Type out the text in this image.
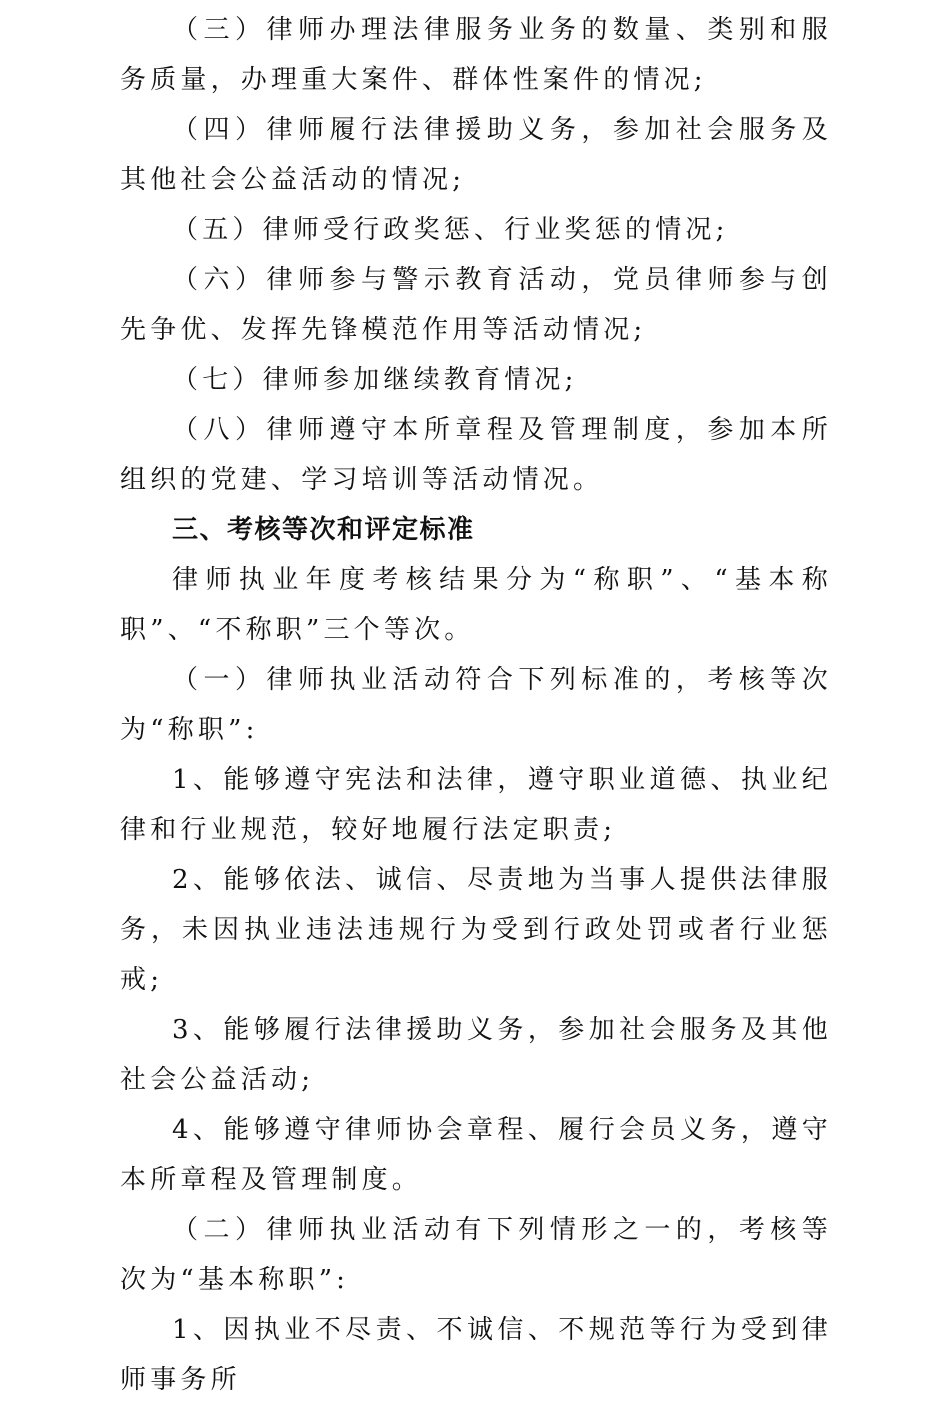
（三）律师办理法律服务业务的数量、类别和服务质量，办理重大案件、群体性案件的情况;

（四）律师履行法律援助义务，参加社会服务及其他社会公益活动的情况;

（五）律师受行政奖惩、行业奖惩的情况;

（六）律师参与警示教育活动，党员律师参与创先争优、发挥先锋模范作用等活动情况;

（七）律师参加继续教育情况;

（八）律师遵守本所章程及管理制度，参加本所组织的党建、学习培训等活动情况。

三、考核等次和评定标准

律师执业年度考核结果分为“称职”、“基本称职”、“不称职”三个等次。

（一）律师执业活动符合下列标准的，考核等次为“称职”:

1、能够遵守宪法和法律，遵守职业道德、执业纪律和行业规范，较好地履行法定职责;

2、能够依法、诚信、尽责地为当事人提供法律服务，未因执业违法违规行为受到行政处罚或者行业惩戒;

3、能够履行法律援助义务，参加社会服务及其他社会公益活动;

4、能够遵守律师协会章程、履行会员义务，遵守本所章程及管理制度。

（二）律师执业活动有下列情形之一的，考核等次为“基本称职”:

1、因执业不尽责、不诚信、不规范等行为受到律师事务所
